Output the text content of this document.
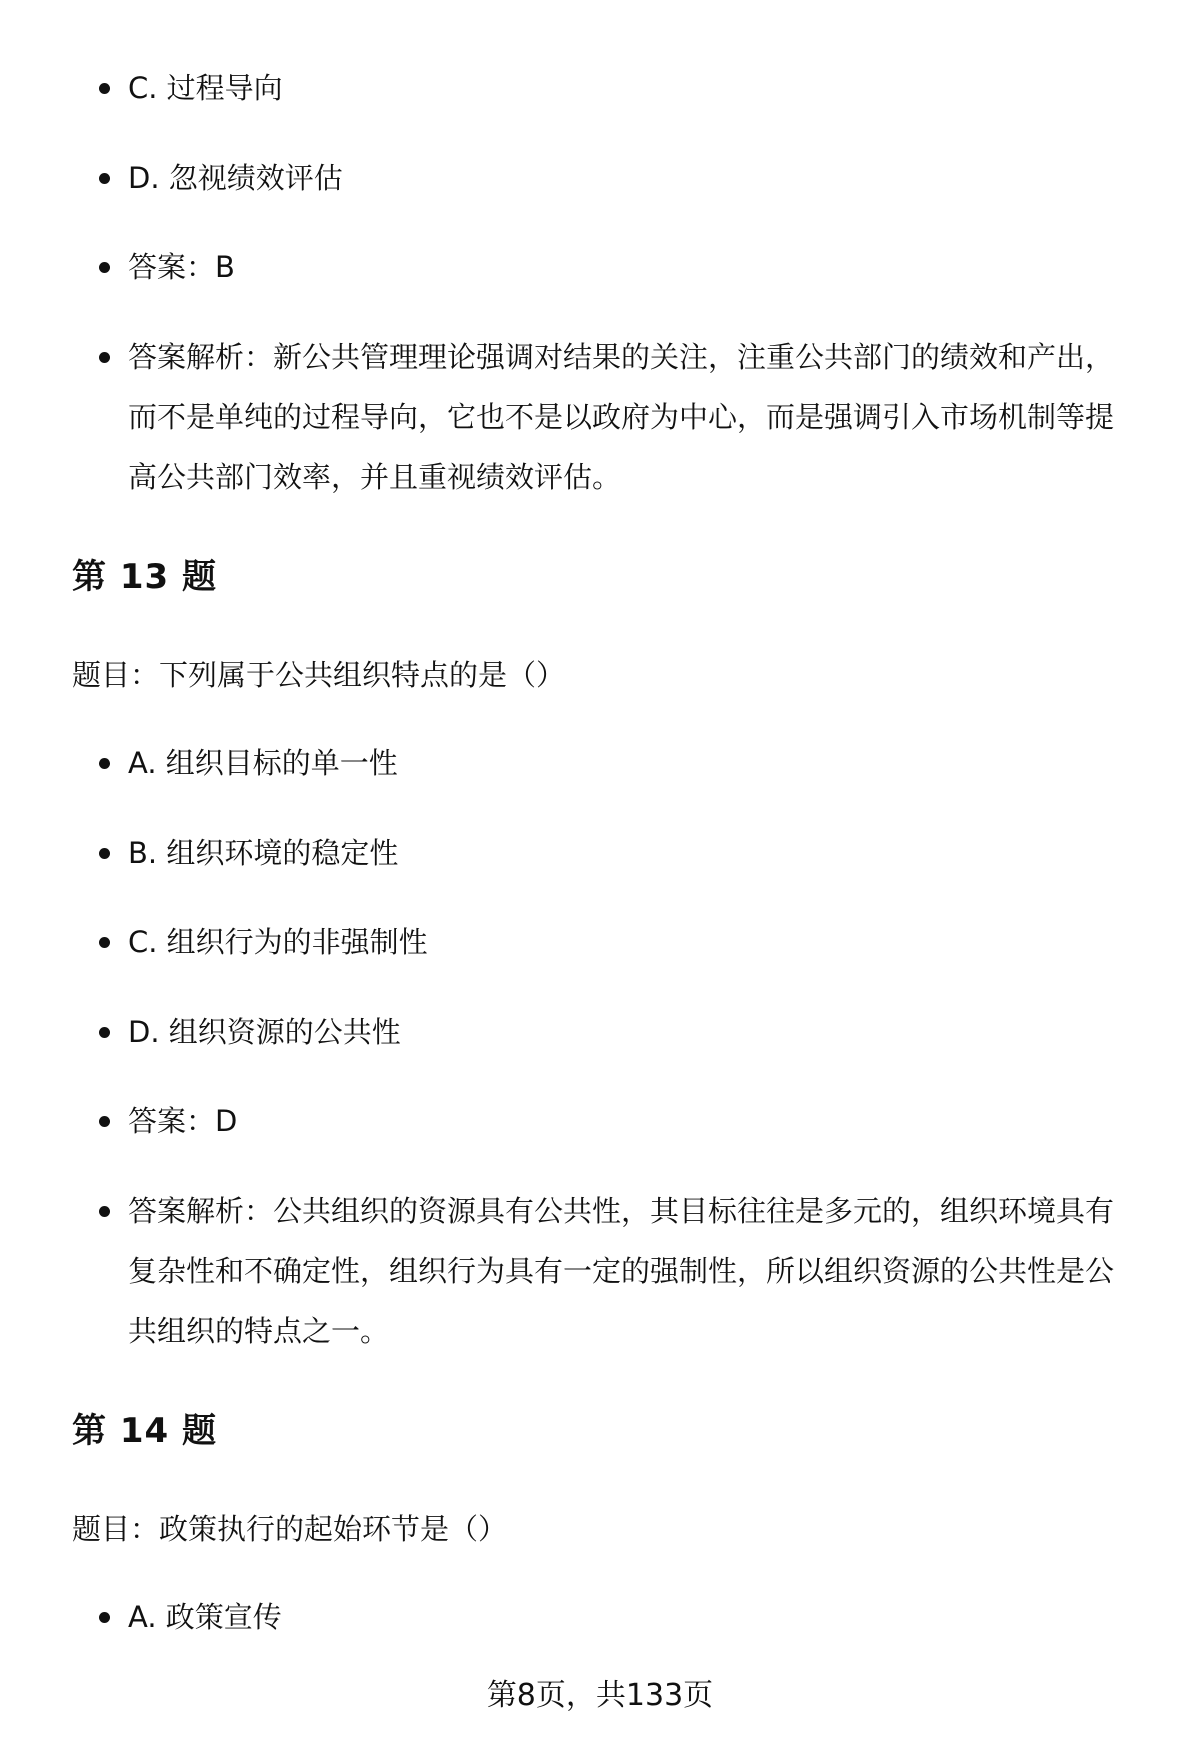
C. 过程导向
D. 忽视绩效评估
答案：B
答案解析：新公共管理理论强调对结果的关注，注重公共部门的绩效和产出，而不是单纯的过程导向，它也不是以政府为中心，而是强调引入市场机制等提高公共部门效率，并且重视绩效评估。
第 13 题
题目：下列属于公共组织特点的是（）
A. 组织目标的单一性
B. 组织环境的稳定性
C. 组织行为的非强制性
D. 组织资源的公共性
答案：D
答案解析：公共组织的资源具有公共性，其目标往往是多元的，组织环境具有复杂性和不确定性，组织行为具有一定的强制性，所以组织资源的公共性是公共组织的特点之一。
第 14 题
题目：政策执行的起始环节是（）
A. 政策宣传
第8页，共133页
